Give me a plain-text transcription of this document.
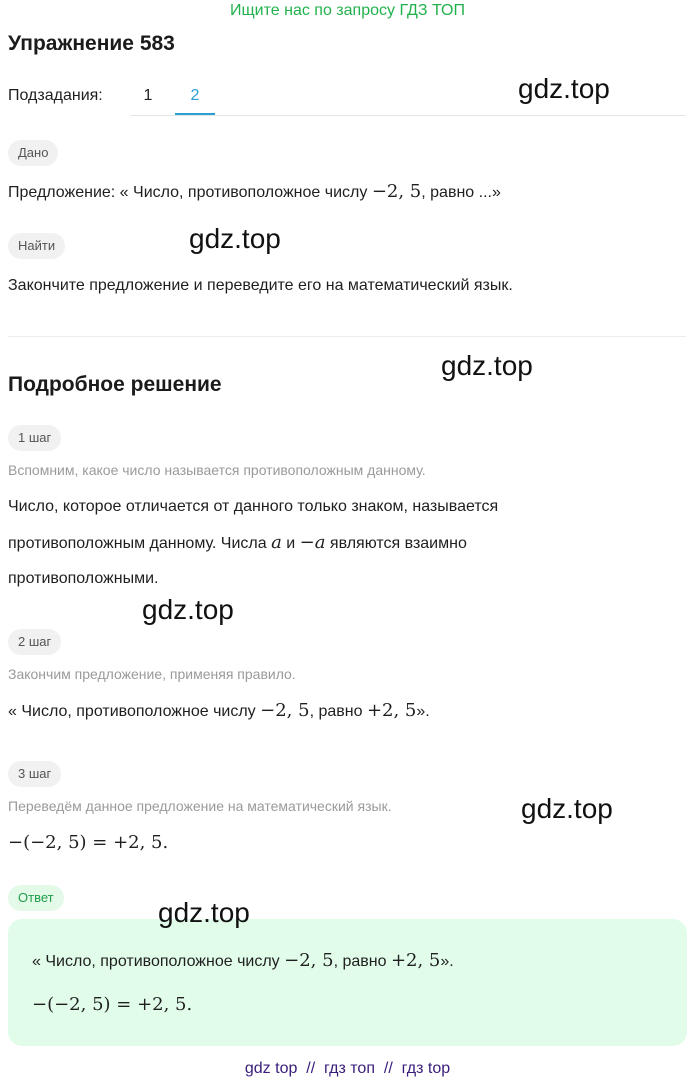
Ищите нас по запросу ГДЗ ТОП
Упражнение 583
Подзадания:	1	2
Дано
Предложение: « Число, противоположное числу −2, 5, равно ...»
Найти
Закончите предложение и переведите его на математический язык.
Подробное решение
1 шаг
Вспомним, какое число называется противоположным данному.
Число, которое отличается от данного только знаком, называется
противоположным данному. Числа a и −a являются взаимно
противоположными.
2 шаг
Закончим предложение, применяя правило.
« Число, противоположное числу −2, 5, равно +2, 5».
3 шаг
Переведём данное предложение на математический язык.
−(−2, 5) = +2, 5.
Ответ
« Число, противоположное числу −2, 5, равно +2, 5».
−(−2, 5) = +2, 5.
gdz.top
gdz.top
gdz.top
gdz.top
gdz.top
gdz.top
gdz top  //  гдз топ  //  гдз top
